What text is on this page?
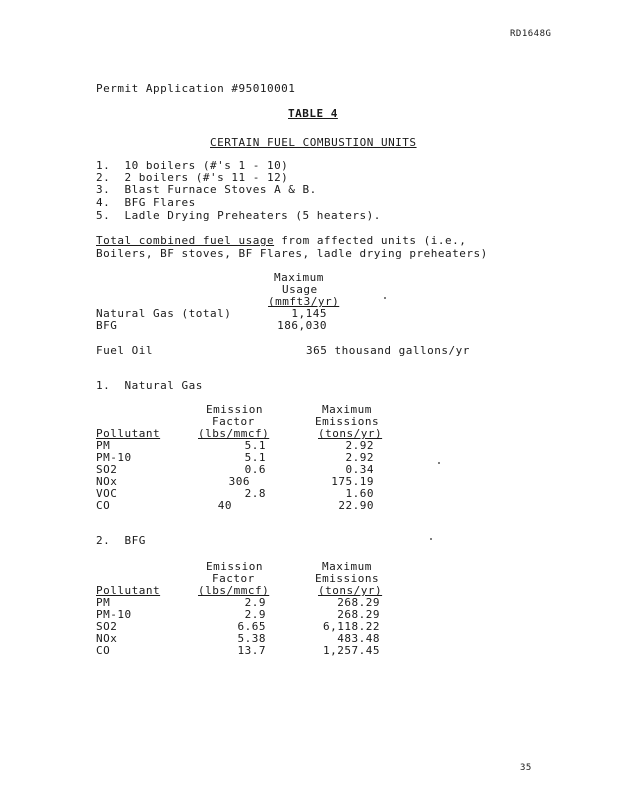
RD1648G
Permit Application #95010001
TABLE 4
CERTAIN FUEL COMBUSTION UNITS
1.  10 boilers (#'s 1 - 10)
2.  2 boilers (#'s 11 - 12)
3.  Blast Furnace Stoves A & B.
4.  BFG Flares
5.  Ladle Drying Preheaters (5 heaters).
Total combined fuel usage from affected units (i.e.,
Boilers, BF stoves, BF Flares, ladle drying preheaters)
Maximum
Usage
(mmft3/yr)
Natural Gas (total)	1,145
BFG	186,030
Fuel Oil	365 thousand gallons/yr
1.  Natural Gas
Emission
Factor
(lbs/mmcf)
Maximum
Emissions
(tons/yr)
Pollutant
PM	5.1	2.92
PM-10	5.1	2.92
SO2	0.6	0.34
NOx	306	175.19
VOC	2.8	1.60
CO	40	22.90
2.  BFG
Emission
Factor
(lbs/mmcf)
Maximum
Emissions
(tons/yr)
Pollutant
PM	2.9	268.29
PM-10	2.9	268.29
SO2	6.65	6,118.22
NOx	5.38	483.48
CO	13.7	1,257.45
35
